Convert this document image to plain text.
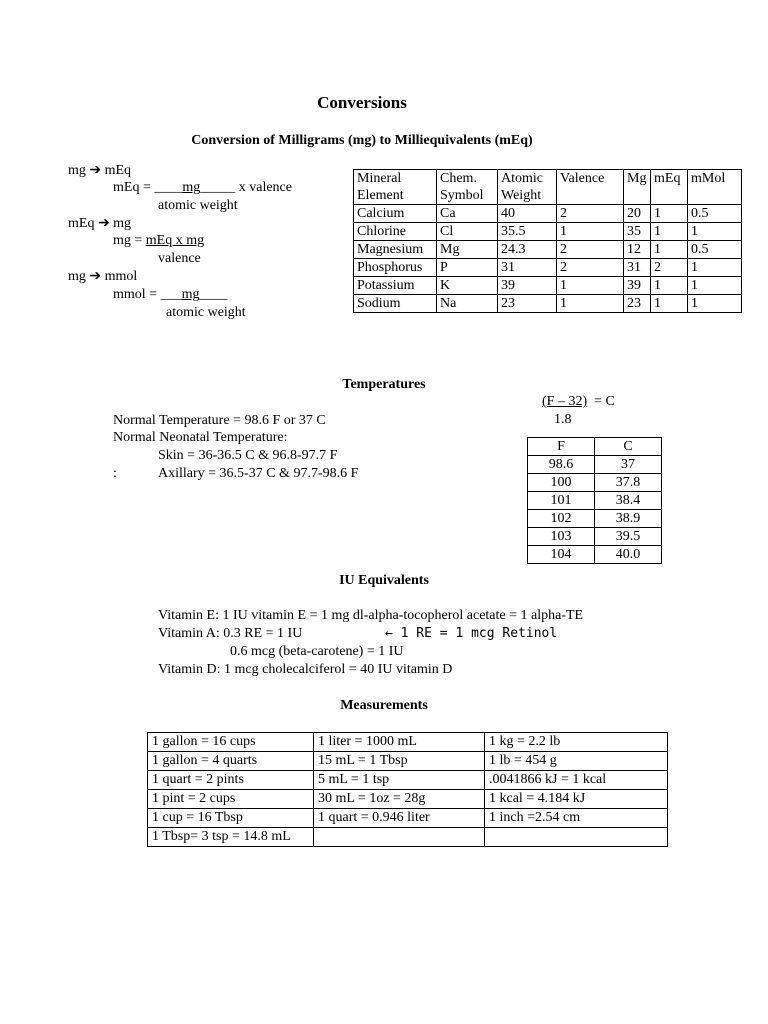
Conversions
Conversion of Milligrams (mg) to Milliequivalents (mEq)
mg ➔ mEq
mEq = ____mg_____ x valence
atomic weight
mEq ➔ mg
mg = mEq x mg
valence
mg ➔ mmol
mmol = ___mg____
atomic weight
Mineral Element	Chem. Symbol	Atomic Weight	Valence	Mg	mEq	mMol
Calcium	Ca	40	2	20	1	0.5
Chlorine	Cl	35.5	1	35	1	1
Magnesium	Mg	24.3	2	12	1	0.5
Phosphorus	P	31	2	31	2	1
Potassium	K	39	1	39	1	1
Sodium	Na	23	1	23	1	1
Temperatures
Normal Temperature = 98.6 F or 37 C
Normal Neonatal Temperature:
Skin = 36-36.5 C & 96.8-97.7 F
:	Axillary = 36.5-37 C & 97.7-98.6 F
(F – 32) = C
1.8
F	C
98.6	37
100	37.8
101	38.4
102	38.9
103	39.5
104	40.0
IU Equivalents
Vitamin E: 1 IU vitamin E = 1 mg dl-alpha-tocopherol acetate = 1 alpha-TE
Vitamin A: 0.3 RE = 1 IU	← 1 RE = 1 mcg Retinol
0.6 mcg (beta-carotene) = 1 IU
Vitamin D: 1 mcg cholecalciferol = 40 IU vitamin D
Measurements
1 gallon = 16 cups	1 liter = 1000 mL	1 kg = 2.2 lb
1 gallon = 4 quarts	15 mL = 1 Tbsp	1 lb = 454 g
1 quart = 2 pints	5 mL = 1 tsp	.0041866 kJ = 1 kcal
1 pint = 2 cups	30 mL = 1oz = 28g	1 kcal = 4.184 kJ
1 cup = 16 Tbsp	1 quart = 0.946 liter	1 inch =2.54 cm
1 Tbsp= 3 tsp = 14.8 mL		
